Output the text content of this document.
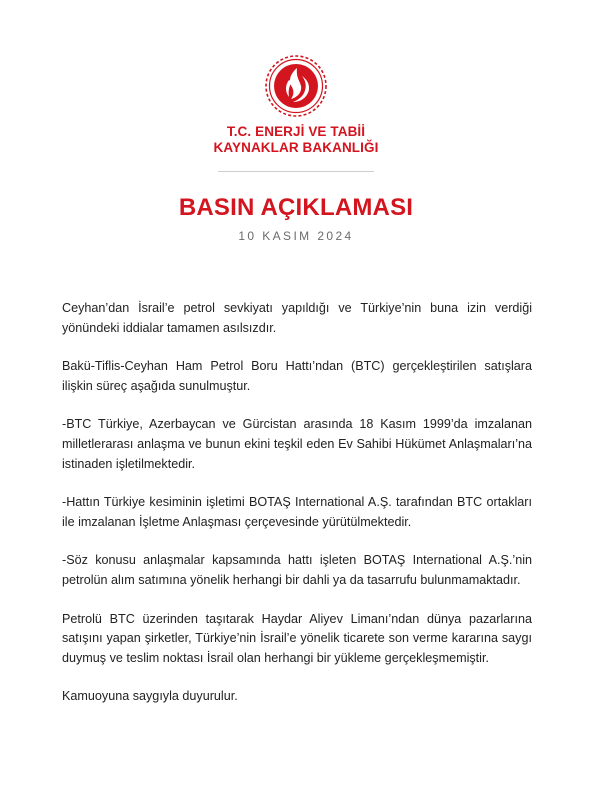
T.C. ENERJİ VE TABİİ
KAYNAKLAR BAKANLIĞI
BASIN AÇIKLAMASI
10 KASIM 2024

Ceyhan’dan İsrail’e petrol sevkiyatı yapıldığı ve Türkiye’nin buna izin verdiği yönündeki iddialar tamamen asılsızdır.

Bakü-Tiflis-Ceyhan Ham Petrol Boru Hattı’ndan (BTC) gerçekleştirilen satışlara ilişkin süreç aşağıda sunulmuştur.

-BTC Türkiye, Azerbaycan ve Gürcistan arasında 18 Kasım 1999’da imzalanan milletlerarası anlaşma ve bunun ekini teşkil eden Ev Sahibi Hükümet Anlaşmaları’na istinaden işletilmektedir.

-Hattın Türkiye kesiminin işletimi BOTAŞ International A.Ş. tarafından BTC ortakları ile imzalanan İşletme Anlaşması çerçevesinde yürütülmektedir.

-Söz konusu anlaşmalar kapsamında hattı işleten BOTAŞ International A.Ş.’nin petrolün alım satımına yönelik herhangi bir dahli ya da tasarrufu bulunmamaktadır.

Petrolü BTC üzerinden taşıtarak Haydar Aliyev Limanı’ndan dünya pazarlarına satışını yapan şirketler, Türkiye’nin İsrail’e yönelik ticarete son verme kararına saygı duymuş ve teslim noktası İsrail olan herhangi bir yükleme gerçekleşmemiştir.

Kamuoyuna saygıyla duyurulur.
